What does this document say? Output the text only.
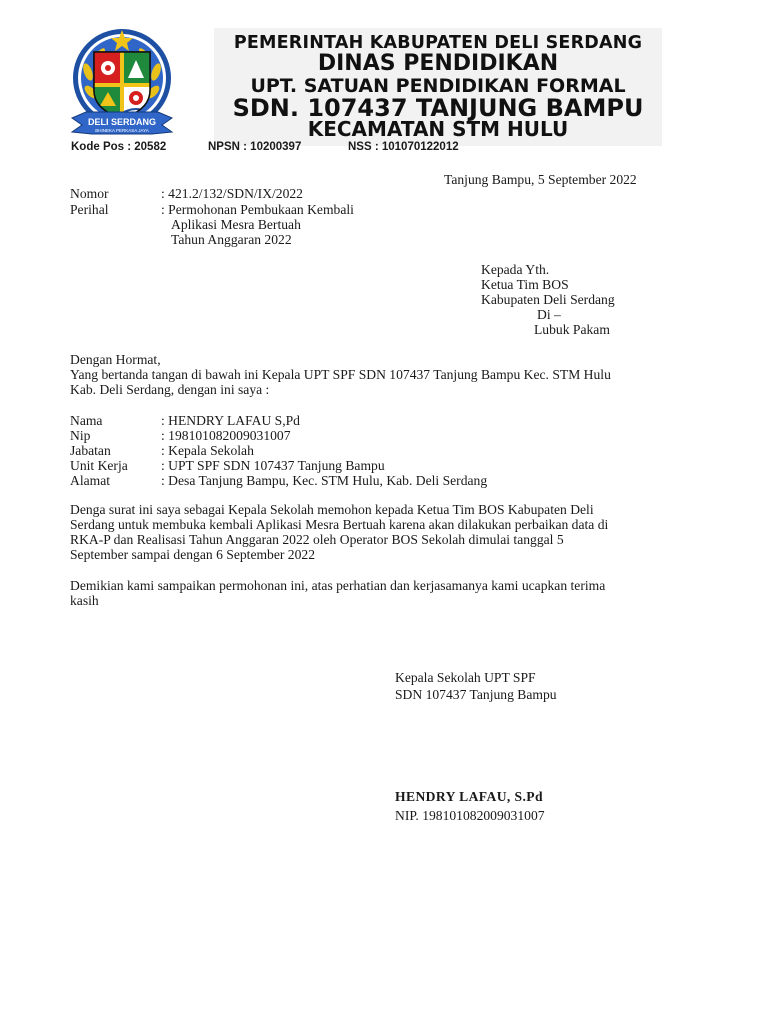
DELI SERDANG
BHINEKA PERKASA JAYA
PEMERINTAH KABUPATEN DELI SERDANG
DINAS PENDIDIKAN
UPT. SATUAN PENDIDIKAN FORMAL
SDN. 107437 TANJUNG BAMPU
KECAMATAN STM HULU
Kode Pos : 20582	NPSN : 10200397	NSS : 101070122012
Tanjung Bampu, 5 September 2022
Nomor	: 421.2/132/SDN/IX/2022
Perihal	: Permohonan Pembukaan Kembali
Aplikasi Mesra Bertuah
Tahun Anggaran 2022
Kepada Yth.
Ketua Tim BOS
Kabupaten Deli Serdang
Di –
Lubuk Pakam
Dengan Hormat,
Yang bertanda tangan di bawah ini Kepala UPT SPF SDN 107437 Tanjung Bampu Kec. STM Hulu
Kab. Deli Serdang, dengan ini saya :
Nama	: HENDRY LAFAU S,Pd
Nip	: 198101082009031007
Jabatan	: Kepala Sekolah
Unit Kerja : UPT SPF SDN 107437 Tanjung Bampu
Alamat	: Desa Tanjung Bampu, Kec. STM Hulu, Kab. Deli Serdang
Denga surat ini saya sebagai Kepala Sekolah memohon kepada Ketua Tim BOS Kabupaten Deli
Serdang untuk membuka kembali Aplikasi Mesra Bertuah karena akan dilakukan perbaikan data di
RKA-P dan Realisasi Tahun Anggaran 2022 oleh Operator BOS Sekolah dimulai tanggal 5
September sampai dengan 6 September 2022
Demikian kami sampaikan permohonan ini, atas perhatian dan kerjasamanya kami ucapkan terima
kasih
Kepala Sekolah UPT SPF
SDN 107437 Tanjung Bampu
HENDRY LAFAU, S.Pd
NIP. 198101082009031007
